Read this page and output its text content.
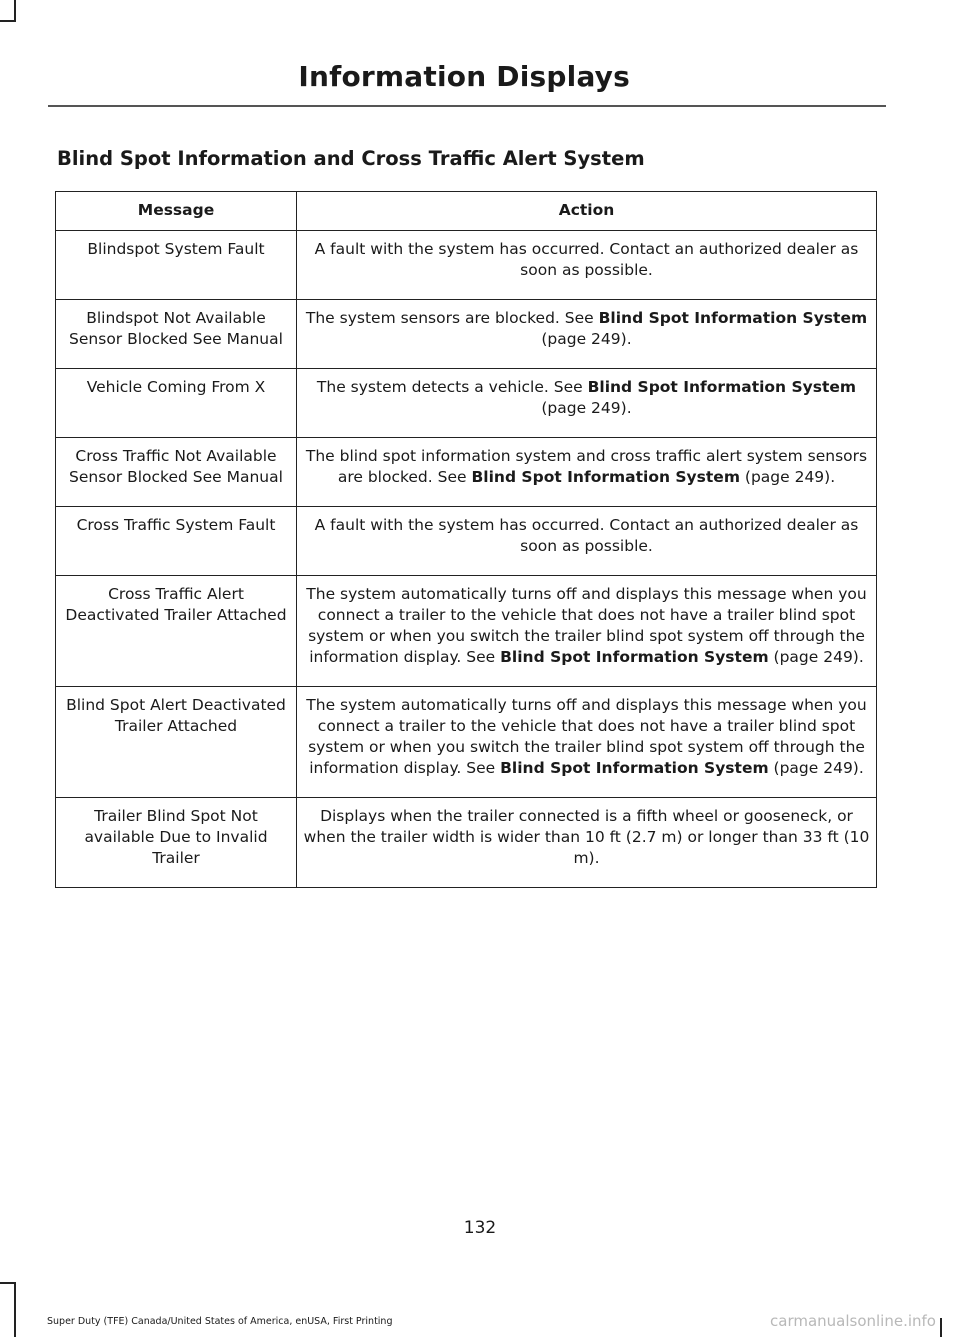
Information Displays
Blind Spot Information and Cross Traffic Alert System
Message	Action
Blindspot System Fault	A fault with the system has occurred. Contact an authorized dealer as soon as possible.
Blindspot Not Available Sensor Blocked See Manual	The system sensors are blocked. See Blind Spot Information System (page 249).
Vehicle Coming From X	The system detects a vehicle. See Blind Spot Information System (page 249).
Cross Traffic Not Available Sensor Blocked See Manual	The blind spot information system and cross traffic alert system sensors are blocked. See Blind Spot Information System (page 249).
Cross Traffic System Fault	A fault with the system has occurred. Contact an authorized dealer as soon as possible.
Cross Traffic Alert Deactivated Trailer Attached	The system automatically turns off and displays this message when you connect a trailer to the vehicle that does not have a trailer blind spot system or when you switch the trailer blind spot system off through the information display. See Blind Spot Information System (page 249).
Blind Spot Alert Deactivated Trailer Attached	The system automatically turns off and displays this message when you connect a trailer to the vehicle that does not have a trailer blind spot system or when you switch the trailer blind spot system off through the information display. See Blind Spot Information System (page 249).
Trailer Blind Spot Not available Due to Invalid Trailer	Displays when the trailer connected is a fifth wheel or gooseneck, or when the trailer width is wider than 10 ft (2.7 m) or longer than 33 ft (10 m).
132
Super Duty (TFE) Canada/United States of America, enUSA, First Printing	carmanualsonline.info
